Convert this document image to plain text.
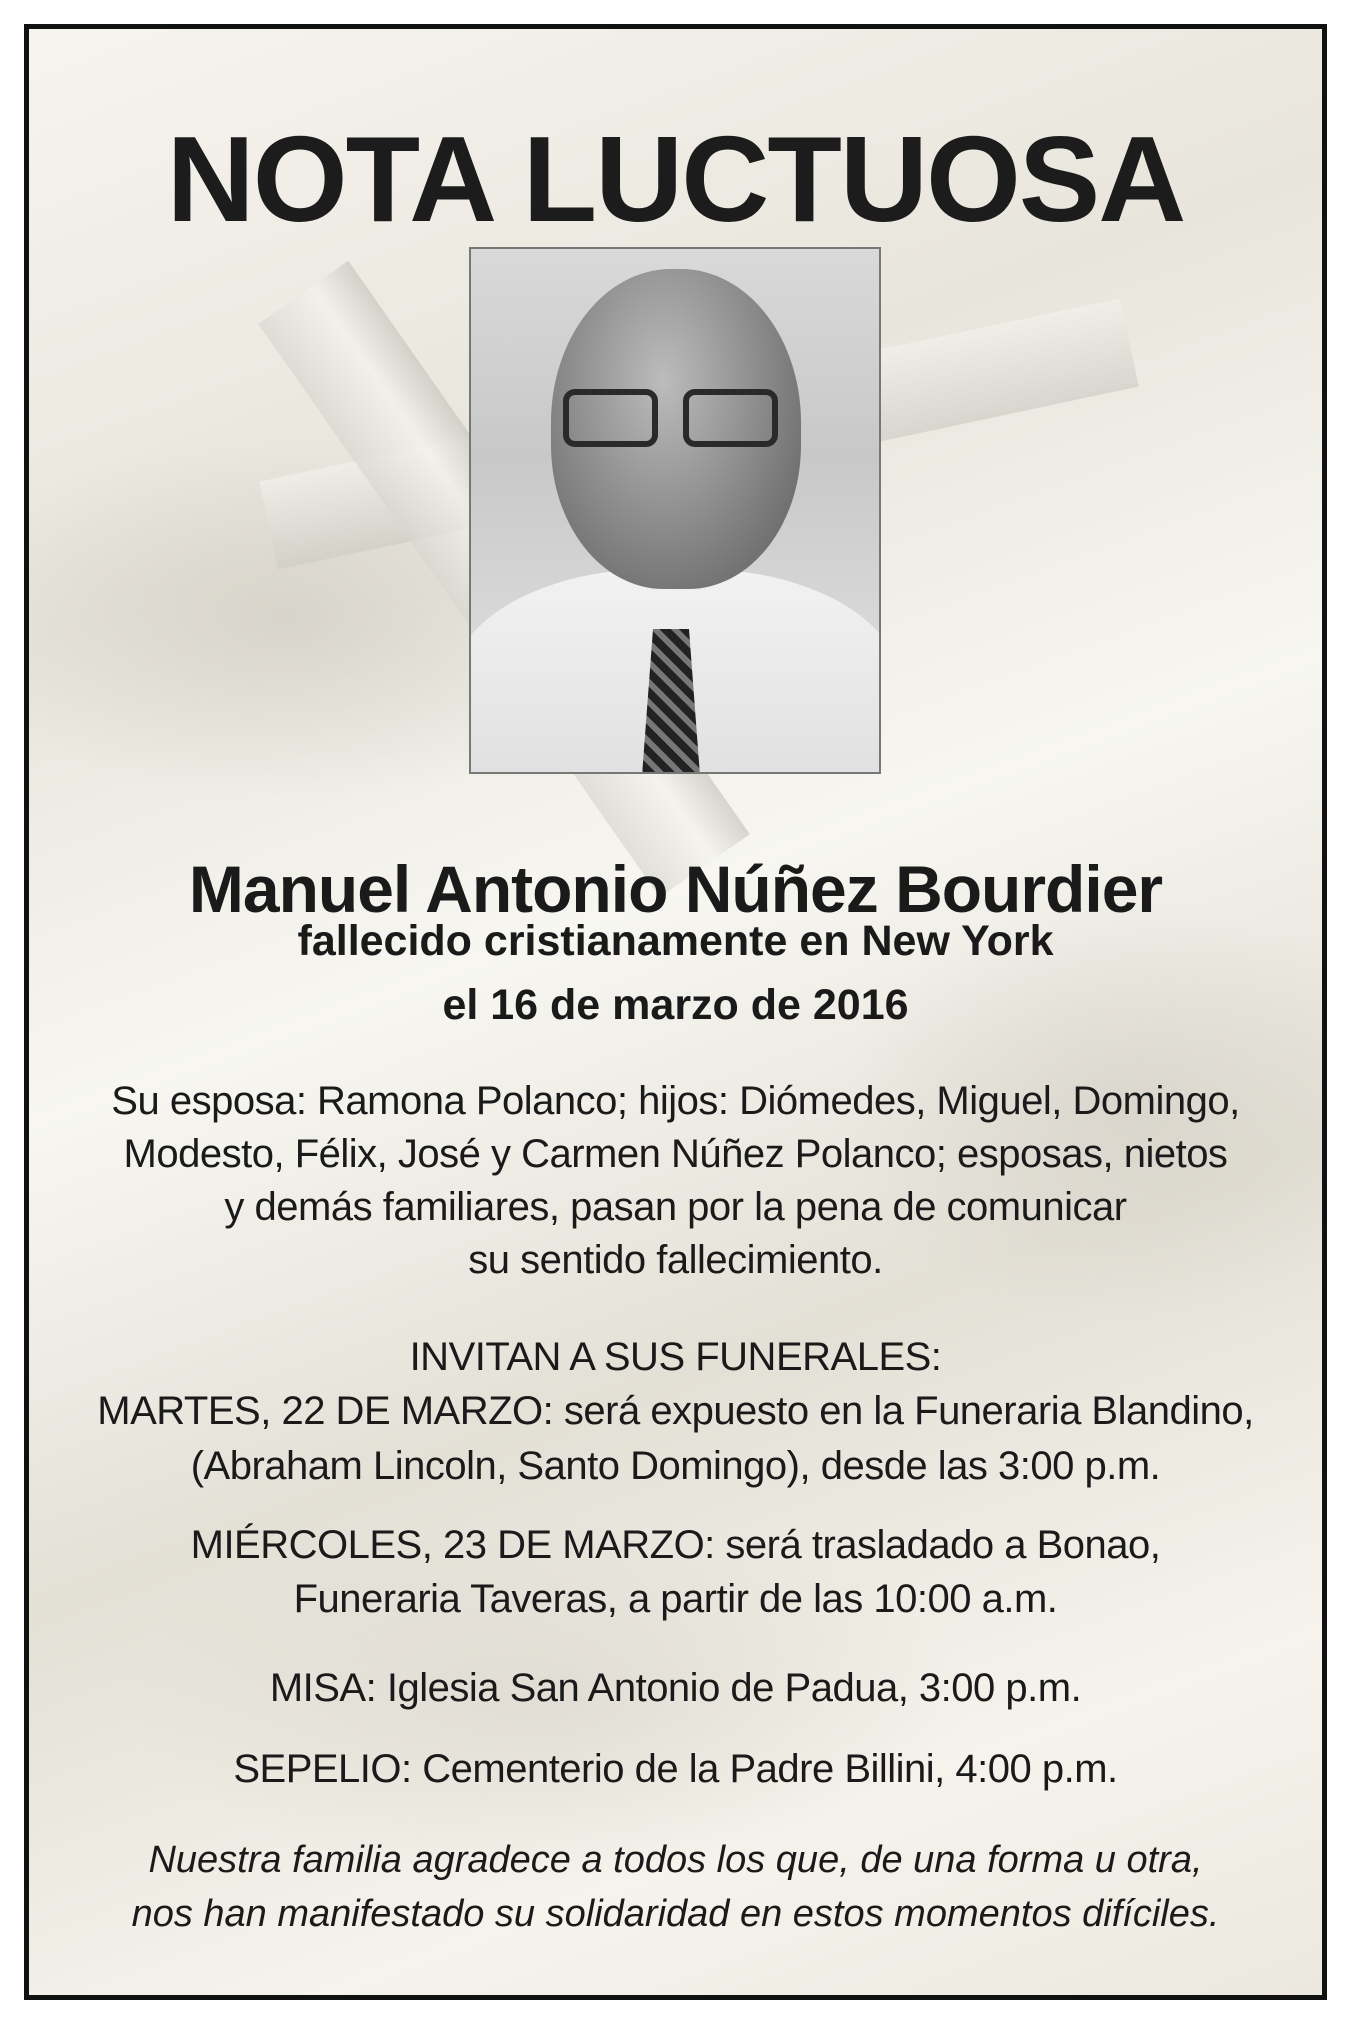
NOTA LUCTUOSA
Manuel Antonio Núñez Bourdier
fallecido cristianamente en New York
el 16 de marzo de 2016
Su esposa: Ramona Polanco; hijos: Diómedes, Miguel, Domingo,
Modesto, Félix, José y Carmen Núñez Polanco; esposas, nietos
y demás familiares, pasan por la pena de comunicar
su sentido fallecimiento.
INVITAN A SUS FUNERALES:
MARTES, 22 DE MARZO: será expuesto en la Funeraria Blandino,
(Abraham Lincoln, Santo Domingo), desde las 3:00 p.m.
MIÉRCOLES, 23 DE MARZO: será trasladado a Bonao,
Funeraria Taveras, a partir de las 10:00 a.m.
MISA: Iglesia San Antonio de Padua, 3:00 p.m.
SEPELIO: Cementerio de la Padre Billini, 4:00 p.m.
Nuestra familia agradece a todos los que, de una forma u otra,
nos han manifestado su solidaridad en estos momentos difíciles.
